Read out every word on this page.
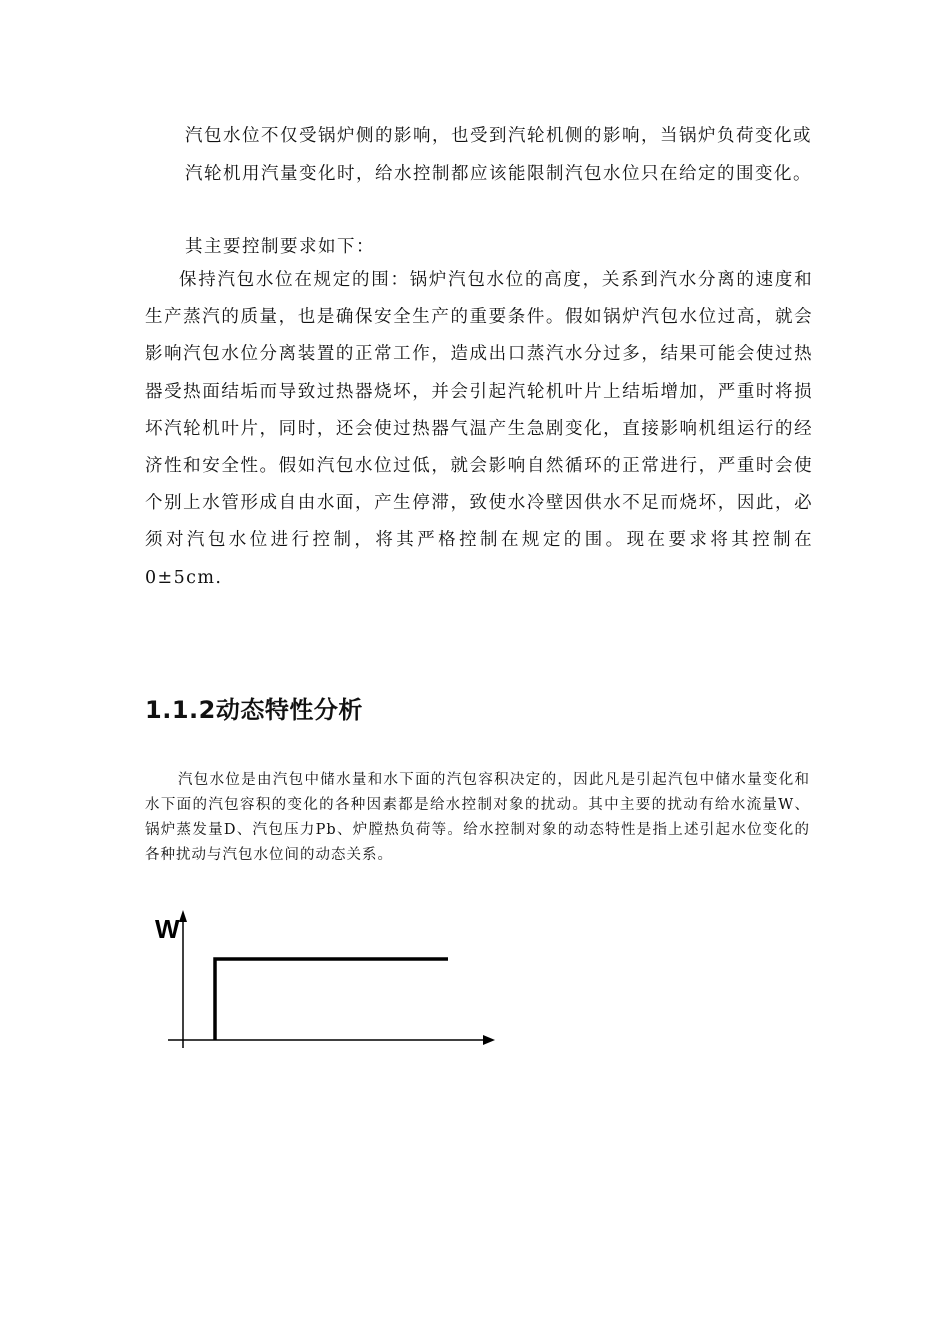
汽包水位不仅受锅炉侧的影响，也受到汽轮机侧的影响，当锅炉负荷变化或汽轮机用汽量变化时，给水控制都应该能限制汽包水位只在给定的围变化。

其主要控制要求如下：

保持汽包水位在规定的围：锅炉汽包水位的高度，关系到汽水分离的速度和生产蒸汽的质量，也是确保安全生产的重要条件。假如锅炉汽包水位过高，就会影响汽包水位分离装置的正常工作，造成出口蒸汽水分过多，结果可能会使过热器受热面结垢而导致过热器烧坏，并会引起汽轮机叶片上结垢增加，严重时将损坏汽轮机叶片，同时，还会使过热器气温产生急剧变化，直接影响机组运行的经济性和安全性。假如汽包水位过低，就会影响自然循环的正常进行，严重时会使个别上水管形成自由水面，产生停滞，致使水冷壁因供水不足而烧坏，因此，必须对汽包水位进行控制，将其严格控制在规定的围。现在要求将其控制在0±5cm.

1.1.2动态特性分析

汽包水位是由汽包中储水量和水下面的汽包容积决定的，因此凡是引起汽包中储水量变化和水下面的汽包容积的变化的各种因素都是给水控制对象的扰动。其中主要的扰动有给水流量W、锅炉蒸发量D、汽包压力Pb、炉膛热负荷等。给水控制对象的动态特性是指上述引起水位变化的各种扰动与汽包水位间的动态关系。

W
